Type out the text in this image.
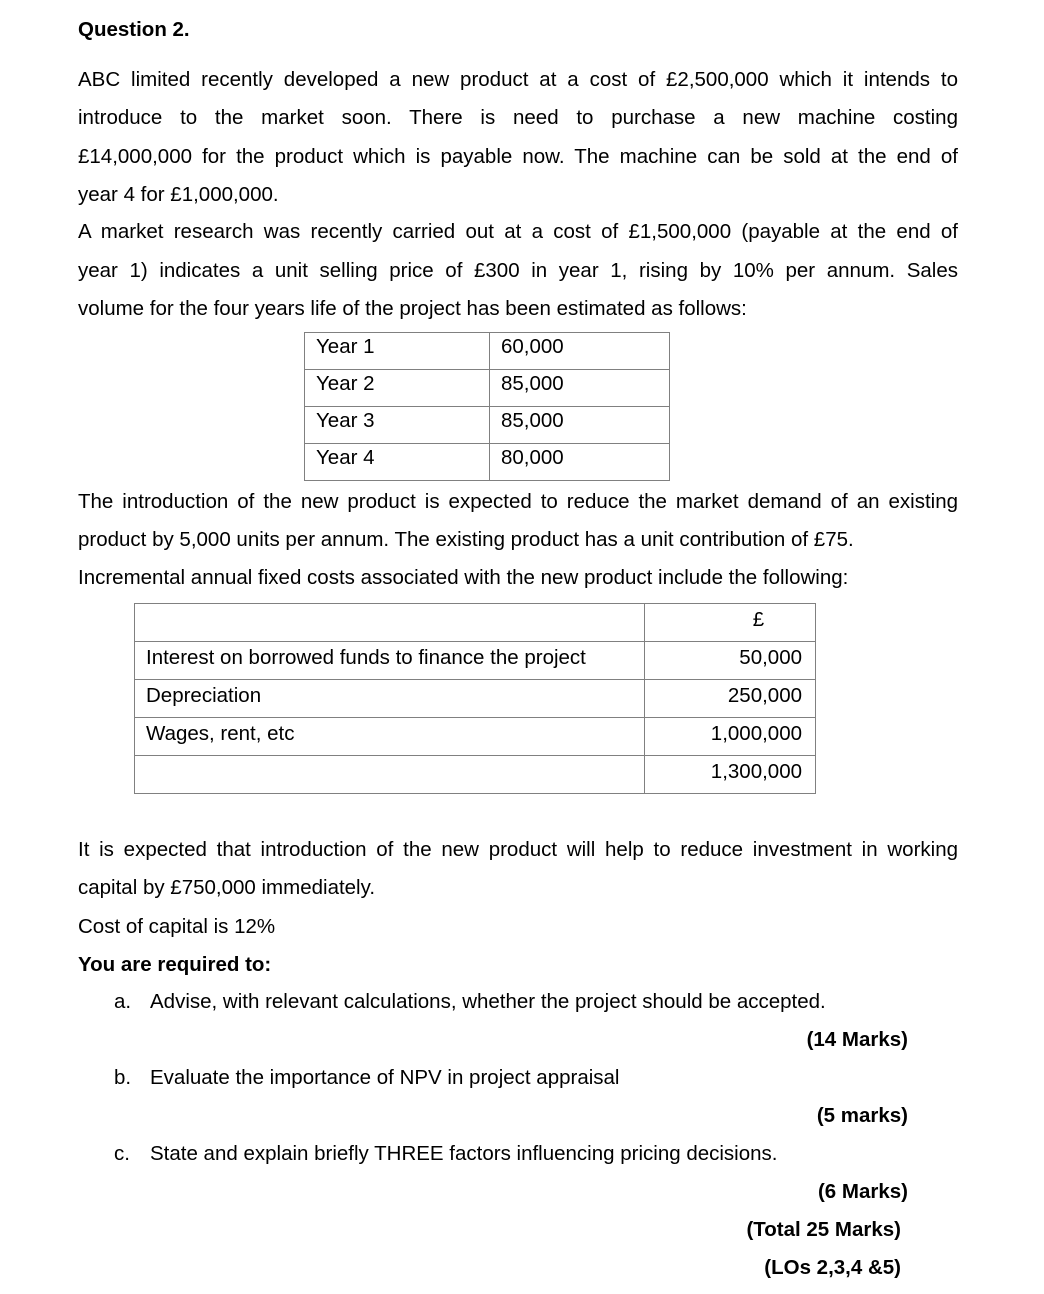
Question 2.
ABC limited recently developed a new product at a cost of £2,500,000 which it intends to
introduce to the market soon. There is need to purchase a new machine costing
£14,000,000 for the product which is payable now. The machine can be sold at the end of
year 4 for £1,000,000.
A market research was recently carried out at a cost of £1,500,000 (payable at the end of
year 1) indicates a unit selling price of £300 in year 1, rising by 10% per annum. Sales
volume for the four years life of the project has been estimated as follows:
Year 1	60,000
Year 2	85,000
Year 3	85,000
Year 4	80,000
The introduction of the new product is expected to reduce the market demand of an existing
product by 5,000 units per annum. The existing product has a unit contribution of £75.
Incremental annual fixed costs associated with the new product include the following:
	£
Interest on borrowed funds to finance the project	50,000
Depreciation	250,000
Wages, rent, etc	1,000,000
	1,300,000
It is expected that introduction of the new product will help to reduce investment in working
capital by £750,000 immediately.
Cost of capital is 12%
You are required to:
a. Advise, with relevant calculations, whether the project should be accepted.
(14 Marks)
b. Evaluate the importance of NPV in project appraisal
(5 marks)
c. State and explain briefly THREE factors influencing pricing decisions.
(6 Marks)
(Total 25 Marks)
(LOs 2,3,4 &5)
